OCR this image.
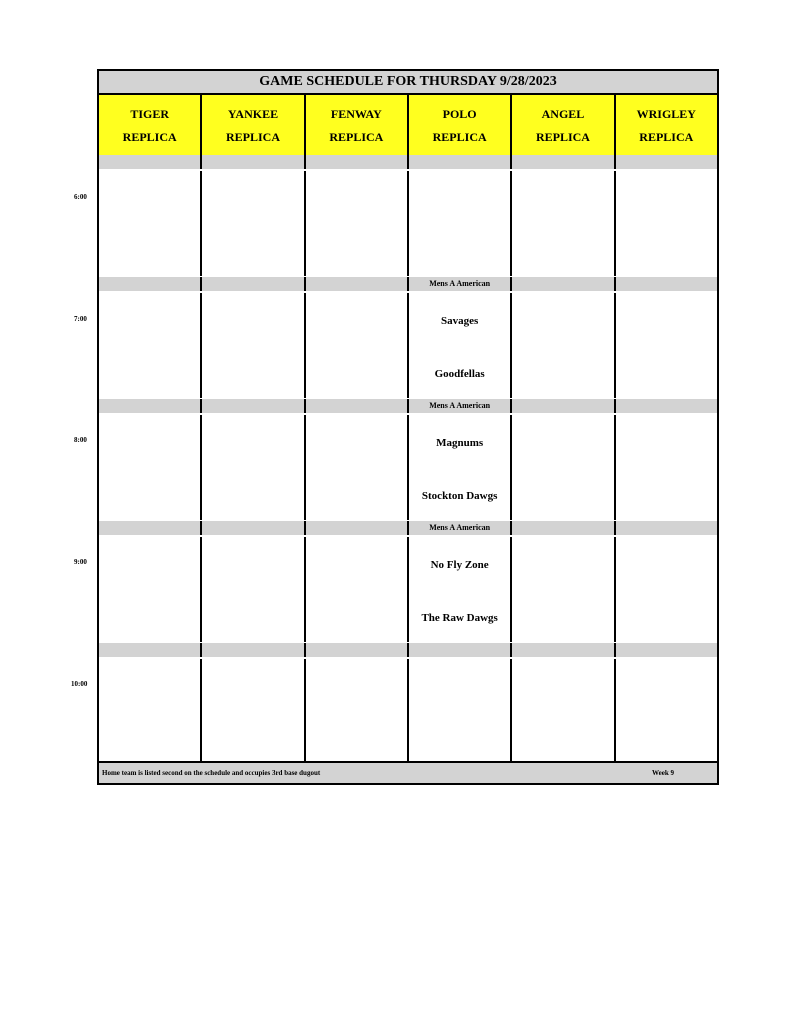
GAME SCHEDULE FOR THURSDAY 9/28/2023
TIGER
REPLICA
YANKEE
REPLICA
FENWAY
REPLICA
POLO
REPLICA
ANGEL
REPLICA
WRIGLEY
REPLICA
Mens A American
Savages
Goodfellas
Mens A American
Magnums
Stockton Dawgs
Mens A American
No Fly Zone
The Raw Dawgs
Home team is listed second on the schedule and occupies 3rd base dugout	Week 9
6:00
7:00
8:00
9:00
10:00
